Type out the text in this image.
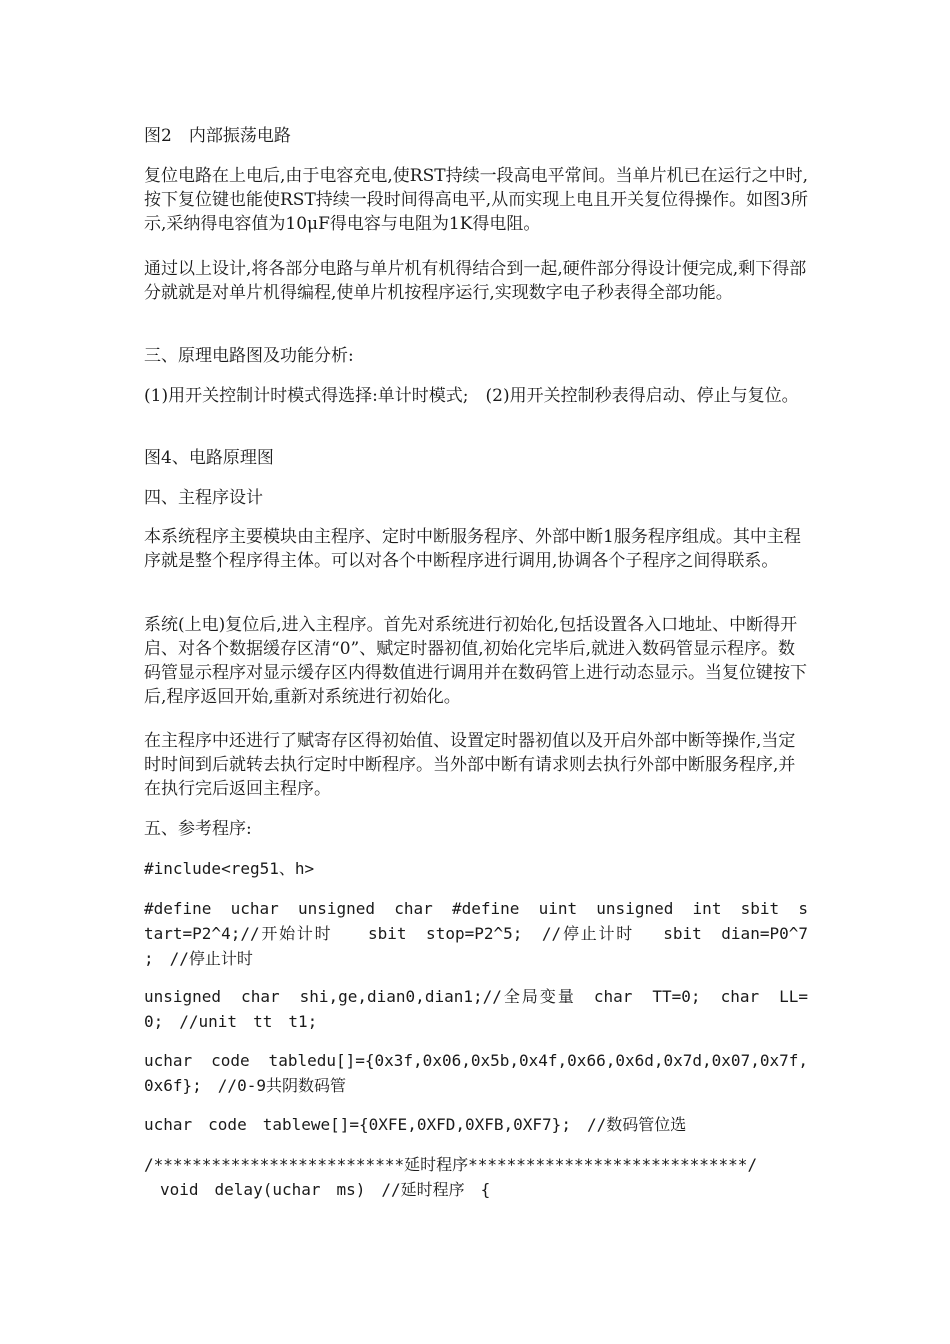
图2　内部振荡电路

复位电路在上电后,由于电容充电,使RST持续一段高电平常间。当单片机已在运行之中时,按下复位键也能使RST持续一段时间得高电平,从而实现上电且开关复位得操作。如图3所示,采纳得电容值为10μF得电容与电阻为1K得电阻。

通过以上设计,将各部分电路与单片机有机得结合到一起,硬件部分得设计便完成,剩下得部分就就是对单片机得编程,使单片机按程序运行,实现数字电子秒表得全部功能。

三、原理电路图及功能分析:

(1)用开关控制计时模式得选择:单计时模式;　(2)用开关控制秒表得启动、停止与复位。

图4、电路原理图

四、主程序设计

本系统程序主要模块由主程序、定时中断服务程序、外部中断1服务程序组成。其中主程序就是整个程序得主体。可以对各个中断程序进行调用,协调各个子程序之间得联系。

系统(上电)复位后,进入主程序。首先对系统进行初始化,包括设置各入口地址、中断得开启、对各个数据缓存区清“0”、赋定时器初值,初始化完毕后,就进入数码管显示程序。数码管显示程序对显示缓存区内得数值进行调用并在数码管上进行动态显示。当复位键按下后,程序返回开始,重新对系统进行初始化。

在主程序中还进行了赋寄存区得初始值、设置定时器初值以及开启外部中断等操作,当定时时间到后就转去执行定时中断程序。当外部中断有请求则去执行外部中断服务程序,并在执行完后返回主程序。

五、参考程序:

#include<reg51、h>
#define　uchar　unsigned　char　#define　uint　unsigned　int　sbit　s
tart=P2^4;//开始计时　　sbit　stop=P2^5;　//停止计时　 sbit　dian=P0^7
;　//停止计时
unsigned　char　shi,ge,dian0,dian1;//全局变量　char　TT=0;　char　LL=
0;　//unit　tt　t1;
uchar　code　tabledu[]={0x3f,0x06,0x5b,0x4f,0x66,0x6d,0x7d,0x07,0x7f,
0x6f};　//0-9共阴数码管
uchar　code　tablewe[]={0XFE,0XFD,0XFB,0XF7};　//数码管位选
/**************************延时程序*****************************/
　void　delay(uchar　ms)　//延时程序　{
